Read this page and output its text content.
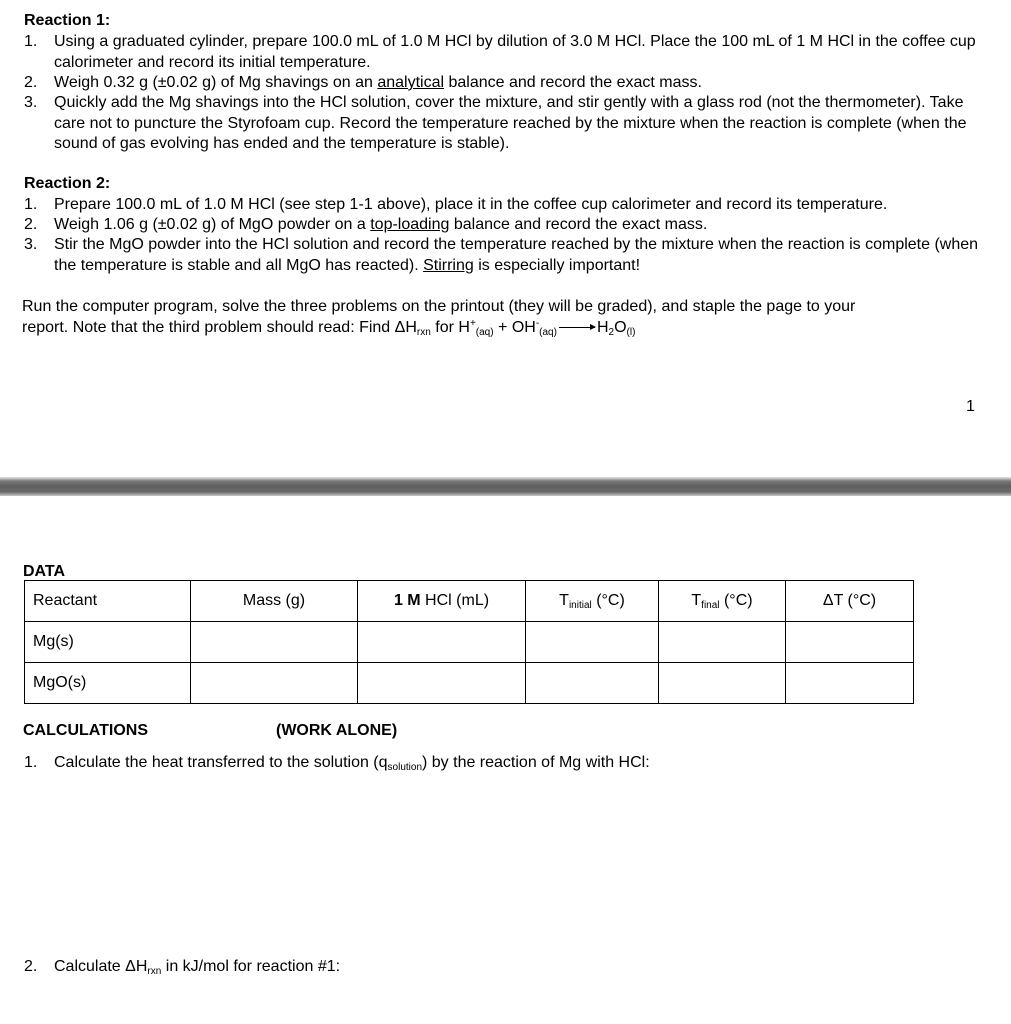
Reaction 1:
1.	Using a graduated cylinder, prepare 100.0 mL of 1.0 M HCl by dilution of 3.0 M HCl. Place the 100 mL of 1 M HCl in the coffee cup calorimeter and record its initial temperature.
2.	Weigh 0.32 g (±0.02 g) of Mg shavings on an analytical balance and record the exact mass.
3.	Quickly add the Mg shavings into the HCl solution, cover the mixture, and stir gently with a glass rod (not the thermometer). Take care not to puncture the Styrofoam cup. Record the temperature reached by the mixture when the reaction is complete (when the sound of gas evolving has ended and the temperature is stable).
Reaction 2:
1.	Prepare 100.0 mL of 1.0 M HCl (see step 1-1 above), place it in the coffee cup calorimeter and record its temperature.
2.	Weigh 1.06 g (±0.02 g) of MgO powder on a top-loading balance and record the exact mass.
3.	Stir the MgO powder into the HCl solution and record the temperature reached by the mixture when the reaction is complete (when the temperature is stable and all MgO has reacted). Stirring is especially important!
Run the computer program, solve the three problems on the printout (they will be graded), and staple the page to your
report. Note that the third problem should read: Find $\Delta H_{rxn}$ for $H^+_{(aq)} + OH^-_{(aq)} \to H_2O_{(l)}$
1
DATA
Reactant	Mass (g)	1 M HCl (mL)	$T_{initial}$ (°C)	$T_{final}$ (°C)	ΔT (°C)
Mg(s)					
MgO(s)					
CALCULATIONS	(WORK ALONE)
1. Calculate the heat transferred to the solution $(q_{solution})$ by the reaction of Mg with HCl:
2. Calculate $\Delta H_{rxn}$ in kJ/mol for reaction #1:
